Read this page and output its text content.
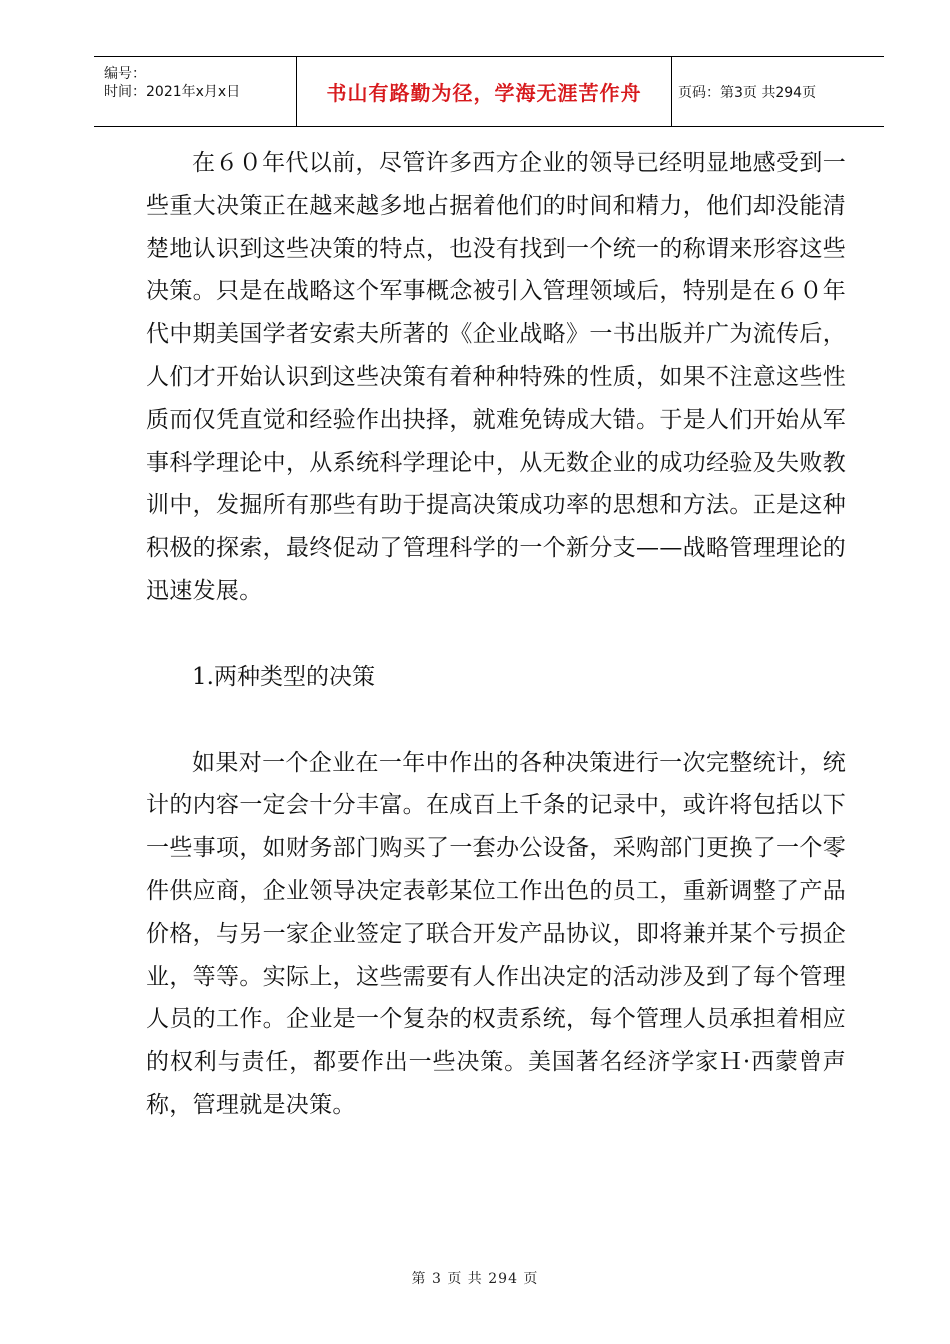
编号：
时间：2021年x月x日	书山有路勤为径，学海无涯苦作舟	页码：第3页 共294页

在６０年代以前，尽管许多西方企业的领导已经明显地感受到一些重大决策正在越来越多地占据着他们的时间和精力，他们却没能清楚地认识到这些决策的特点，也没有找到一个统一的称谓来形容这些决策。只是在战略这个军事概念被引入管理领域后，特别是在６０年代中期美国学者安索夫所著的《企业战略》一书出版并广为流传后，人们才开始认识到这些决策有着种种特殊的性质，如果不注意这些性质而仅凭直觉和经验作出抉择，就难免铸成大错。于是人们开始从军事科学理论中，从系统科学理论中，从无数企业的成功经验及失败教训中，发掘所有那些有助于提高决策成功率的思想和方法。正是这种积极的探索，最终促动了管理科学的一个新分支——战略管理理论的迅速发展。

1.两种类型的决策

如果对一个企业在一年中作出的各种决策进行一次完整统计，统计的内容一定会十分丰富。在成百上千条的记录中，或许将包括以下一些事项，如财务部门购买了一套办公设备，采购部门更换了一个零件供应商，企业领导决定表彰某位工作出色的员工，重新调整了产品价格，与另一家企业签定了联合开发产品协议，即将兼并某个亏损企业，等等。实际上，这些需要有人作出决定的活动涉及到了每个管理人员的工作。企业是一个复杂的权责系统，每个管理人员承担着相应的权利与责任，都要作出一些决策。美国著名经济学家Ｈ·西蒙曾声称，管理就是决策。

第 3 页 共 294 页
